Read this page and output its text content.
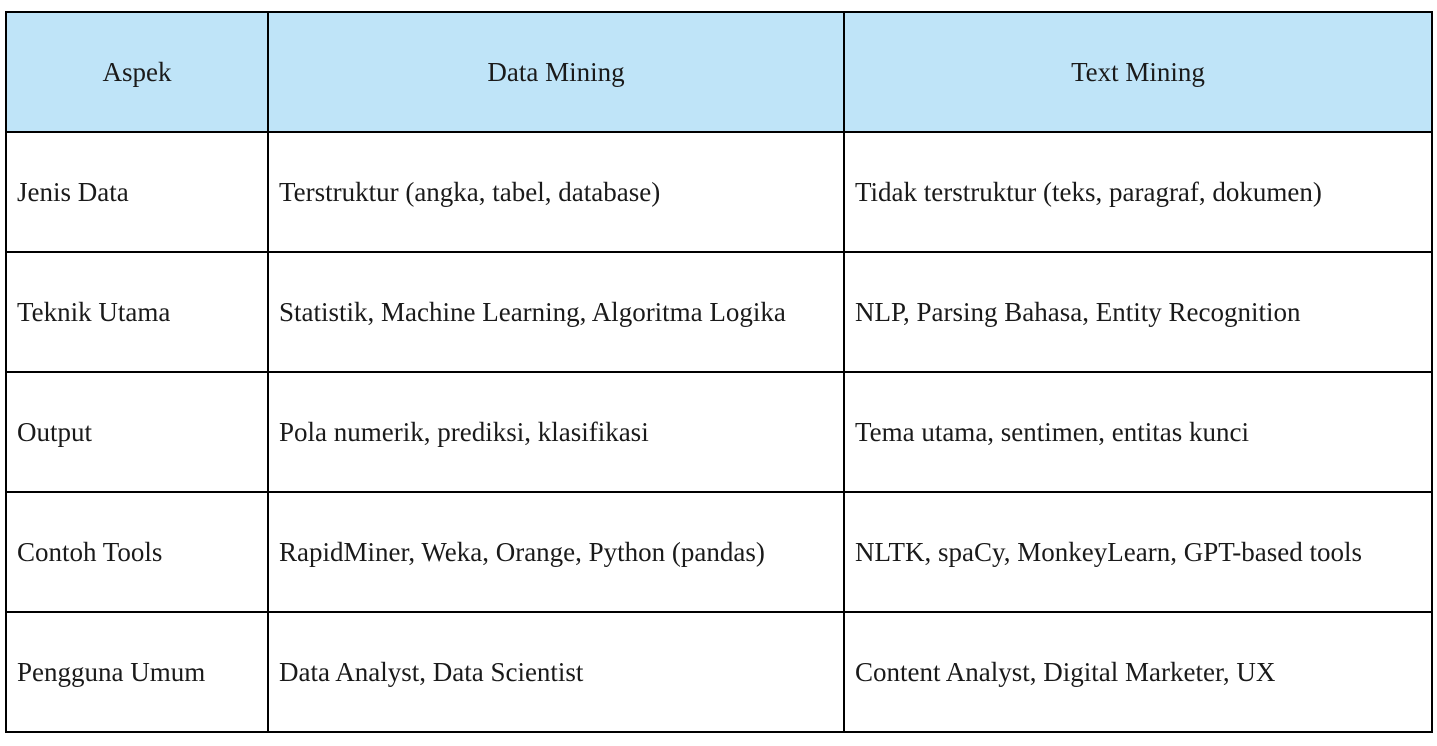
Aspek	Data Mining	Text Mining
Jenis Data	Terstruktur (angka, tabel, database)	Tidak terstruktur (teks, paragraf, dokumen)
Teknik Utama	Statistik, Machine Learning, Algoritma Logika	NLP, Parsing Bahasa, Entity Recognition
Output	Pola numerik, prediksi, klasifikasi	Tema utama, sentimen, entitas kunci
Contoh Tools	RapidMiner, Weka, Orange, Python (pandas)	NLTK, spaCy, MonkeyLearn, GPT-based tools
Pengguna Umum	Data Analyst, Data Scientist	Content Analyst, Digital Marketer, UX
